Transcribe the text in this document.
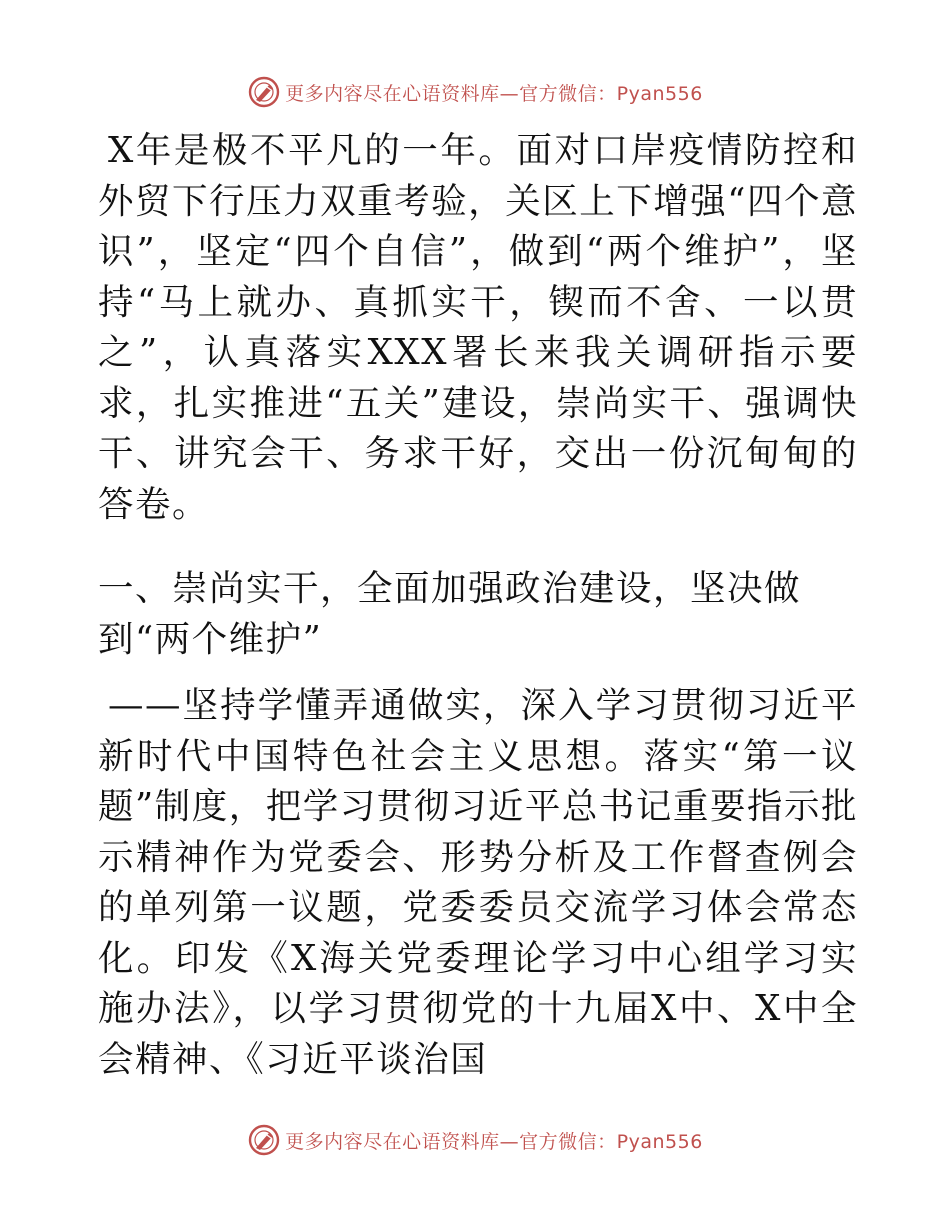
更多内容尽在心语资料库—官方微信：Pyan556

X年是极不平凡的一年。面对口岸疫情防控和外贸下行压力双重考验，关区上下增强“四个意识”，坚定“四个自信”，做到“两个维护”，坚持“马上就办、真抓实干，锲而不舍、一以贯之”，认真落实XXX署长来我关调研指示要求，扎实推进“五关”建设，崇尚实干、强调快干、讲究会干、务求干好，交出一份沉甸甸的答卷。

一、崇尚实干，全面加强政治建设，坚决做
到“两个维护”

——坚持学懂弄通做实，深入学习贯彻习近平新时代中国特色社会主义思想。落实“第一议题”制度，把学习贯彻习近平总书记重要指示批示精神作为党委会、形势分析及工作督查例会的单列第一议题，党委委员交流学习体会常态化。印发《X海关党委理论学习中心组学习实施办法》，以学习贯彻党的十九届X中、X中全会精神、《习近平谈治国

更多内容尽在心语资料库—官方微信：Pyan556
